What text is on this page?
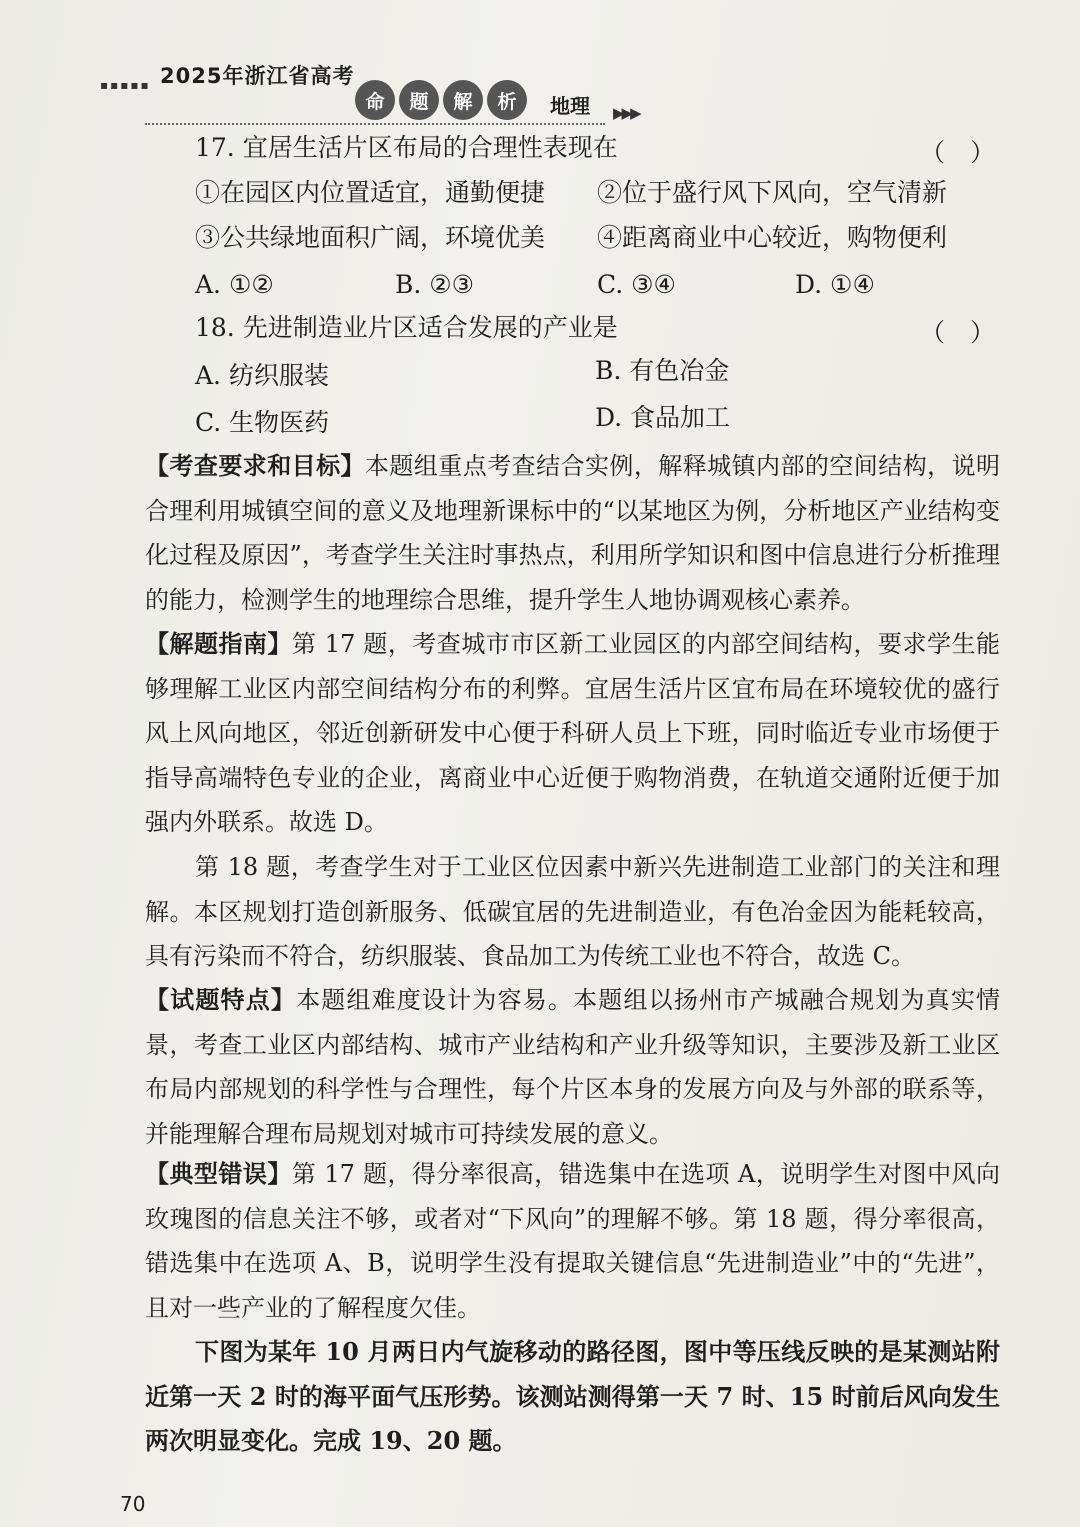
▪▪▪▪▪ 2025年浙江省高考
命	题	解	析	地理 ▶▶▶
17. 宜居生活片区布局的合理性表现在	（　）
①在园区内位置适宜，通勤便捷 ②位于盛行风下风向，空气清新
③公共绿地面积广阔，环境优美 ④距离商业中心较近，购物便利
A. ①②	B. ②③	C. ③④	D. ①④
18. 先进制造业片区适合发展的产业是	（　）
A. 纺织服装	B. 有色冶金
C. 生物医药	D. 食品加工
【考查要求和目标】本题组重点考查结合实例，解释城镇内部的空间结构，说明合理利用城镇空间的意义及地理新课标中的“以某地区为例，分析地区产业结构变化过程及原因”，考查学生关注时事热点，利用所学知识和图中信息进行分析推理的能力，检测学生的地理综合思维，提升学生人地协调观核心素养。
【解题指南】第 17 题，考查城市市区新工业园区的内部空间结构，要求学生能够理解工业区内部空间结构分布的利弊。宜居生活片区宜布局在环境较优的盛行风上风向地区，邻近创新研发中心便于科研人员上下班，同时临近专业市场便于指导高端特色专业的企业，离商业中心近便于购物消费，在轨道交通附近便于加强内外联系。故选 D。
第 18 题，考查学生对于工业区位因素中新兴先进制造工业部门的关注和理解。本区规划打造创新服务、低碳宜居的先进制造业，有色冶金因为能耗较高，具有污染而不符合，纺织服装、食品加工为传统工业也不符合，故选 C。
【试题特点】本题组难度设计为容易。本题组以扬州市产城融合规划为真实情景，考查工业区内部结构、城市产业结构和产业升级等知识，主要涉及新工业区布局内部规划的科学性与合理性，每个片区本身的发展方向及与外部的联系等，并能理解合理布局规划对城市可持续发展的意义。
【典型错误】第 17 题，得分率很高，错选集中在选项 A，说明学生对图中风向玫瑰图的信息关注不够，或者对“下风向”的理解不够。第 18 题，得分率很高，错选集中在选项 A、B，说明学生没有提取关键信息“先进制造业”中的“先进”，且对一些产业的了解程度欠佳。
下图为某年 10 月两日内气旋移动的路径图，图中等压线反映的是某测站附近第一天 2 时的海平面气压形势。该测站测得第一天 7 时、15 时前后风向发生两次明显变化。完成 19、20 题。
70
